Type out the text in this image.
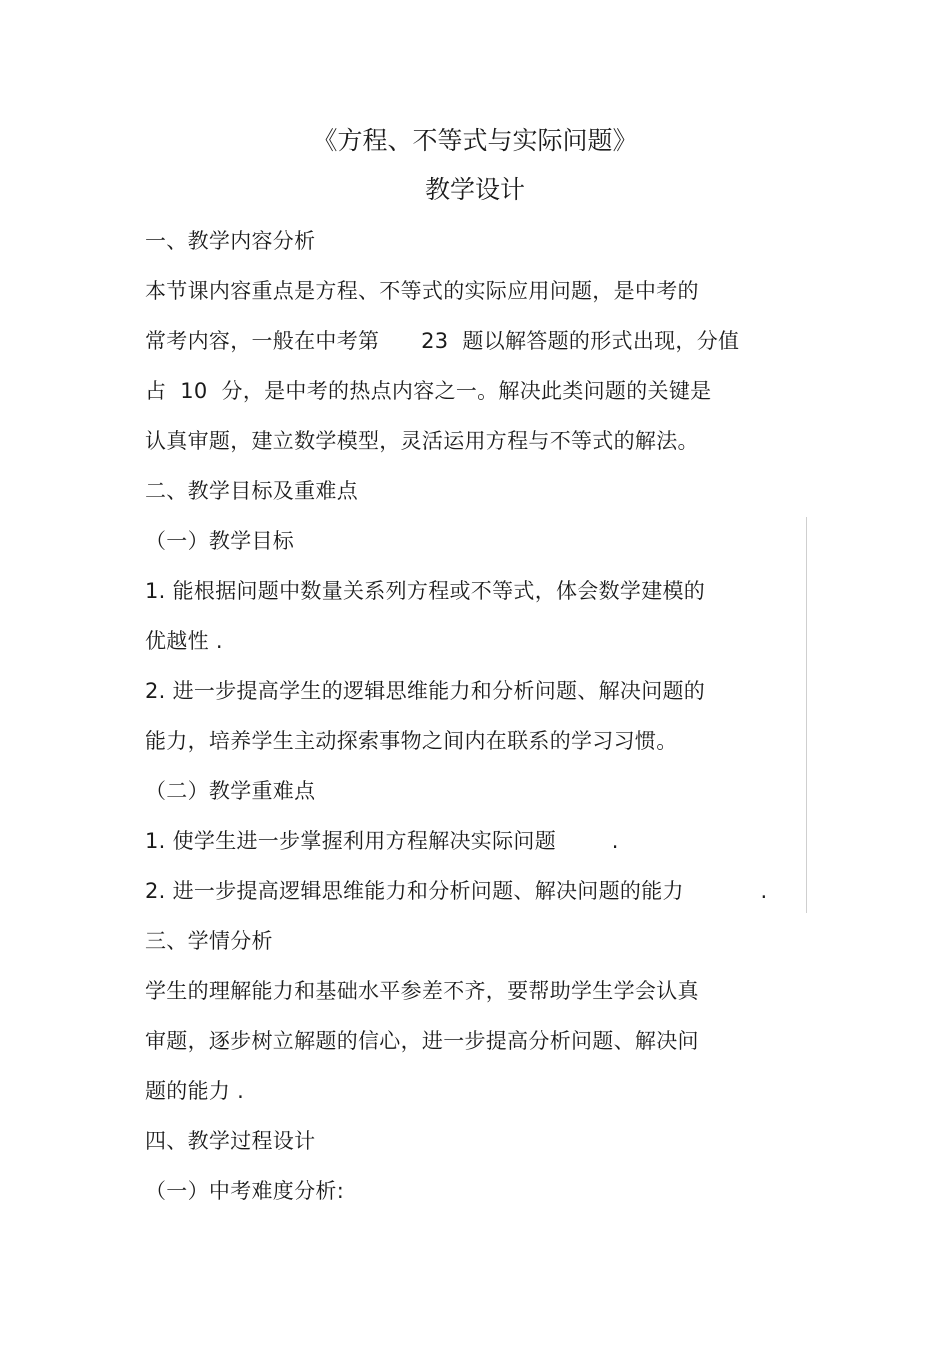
《方程、不等式与实际问题》
教学设计
一、教学内容分析
本节课内容重点是方程、不等式的实际应用问题，是中考的
常考内容，一般在中考第      23  题以解答题的形式出现，分值
占  10  分，是中考的热点内容之一。解决此类问题的关键是
认真审题，建立数学模型，灵活运用方程与不等式的解法。
二、教学目标及重难点
（一）教学目标
1. 能根据问题中数量关系列方程或不等式，体会数学建模的
优越性 .
2. 进一步提高学生的逻辑思维能力和分析问题、解决问题的
能力，培养学生主动探索事物之间内在联系的学习习惯。
（二）教学重难点
1. 使学生进一步掌握利用方程解决实际问题        .
2. 进一步提高逻辑思维能力和分析问题、解决问题的能力           .
三、学情分析
学生的理解能力和基础水平参差不齐，要帮助学生学会认真
审题，逐步树立解题的信心，进一步提高分析问题、解决问
题的能力 .
四、教学过程设计
（一）中考难度分析:
